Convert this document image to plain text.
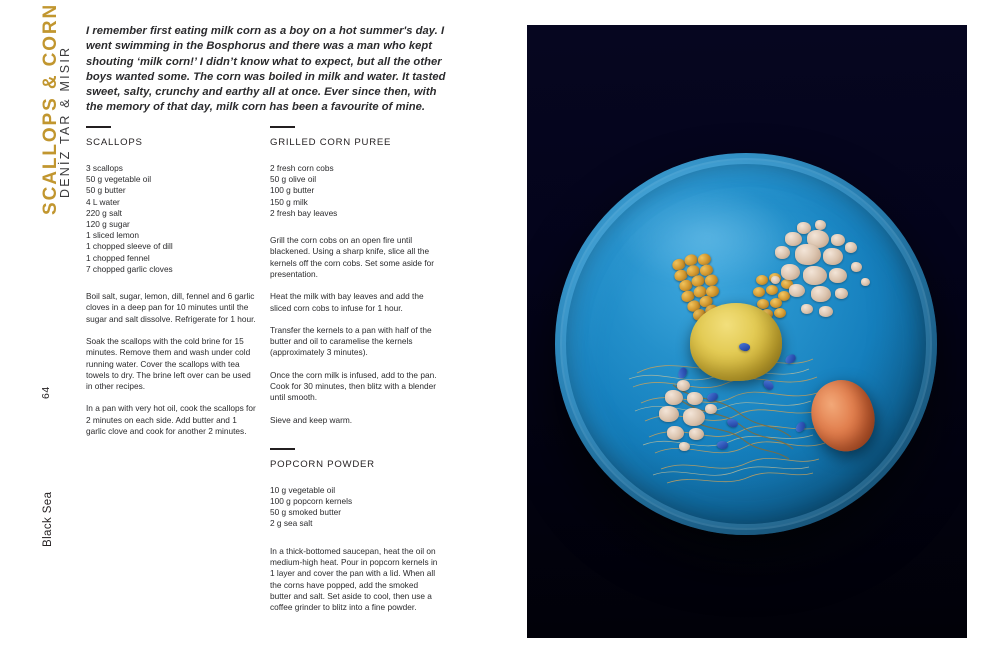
SCALLOPS & CORN
DENİZ TAR & MISIR
64
Black Sea
I remember first eating milk corn as a boy on a hot summer's day. I went swimming in the Bosphorus and there was a man who kept shouting ‘milk corn!’ I didn’t know what to expect, but all the other boys wanted some. The corn was boiled in milk and water. It tasted sweet, salty, crunchy and earthy all at once. Ever since then, with the memory of that day, milk corn has been a favourite of mine.
SCALLOPS
3 scallops
50 g vegetable oil
50 g butter
4 L water
220 g salt
120 g sugar
1 sliced lemon
1 chopped sleeve of dill
1 chopped fennel
7 chopped garlic cloves

Boil salt, sugar, lemon, dill, fennel and 6 garlic cloves in a deep pan for 10 minutes until the sugar and salt dissolve. Refrigerate for 1 hour.

Soak the scallops with the cold brine for 15 minutes. Remove them and wash under cold running water. Cover the scallops with tea towels to dry. The brine left over can be used in other recipes.

In a pan with very hot oil, cook the scallops for 2 minutes on each side. Add butter and 1 garlic clove and cook for another 2 minutes.

GRILLED CORN PUREE
2 fresh corn cobs
50 g olive oil
100 g butter
150 g milk
2 fresh bay leaves

Grill the corn cobs on an open fire until blackened. Using a sharp knife, slice all the kernels off the corn cobs. Set some aside for presentation.

Heat the milk with bay leaves and add the sliced corn cobs to infuse for 1 hour.

Transfer the kernels to a pan with half of the butter and oil to caramelise the kernels (approximately 3 minutes).

Once the corn milk is infused, add to the pan. Cook for 30 minutes, then blitz with a blender until smooth.

Sieve and keep warm.

POPCORN POWDER
10 g vegetable oil
100 g popcorn kernels
50 g smoked butter
2 g sea salt

In a thick-bottomed saucepan, heat the oil on medium-high heat. Pour in popcorn kernels in 1 layer and cover the pan with a lid. When all the corns have popped, add the smoked butter and salt. Set aside to cool, then use a coffee grinder to blitz into a fine powder.
